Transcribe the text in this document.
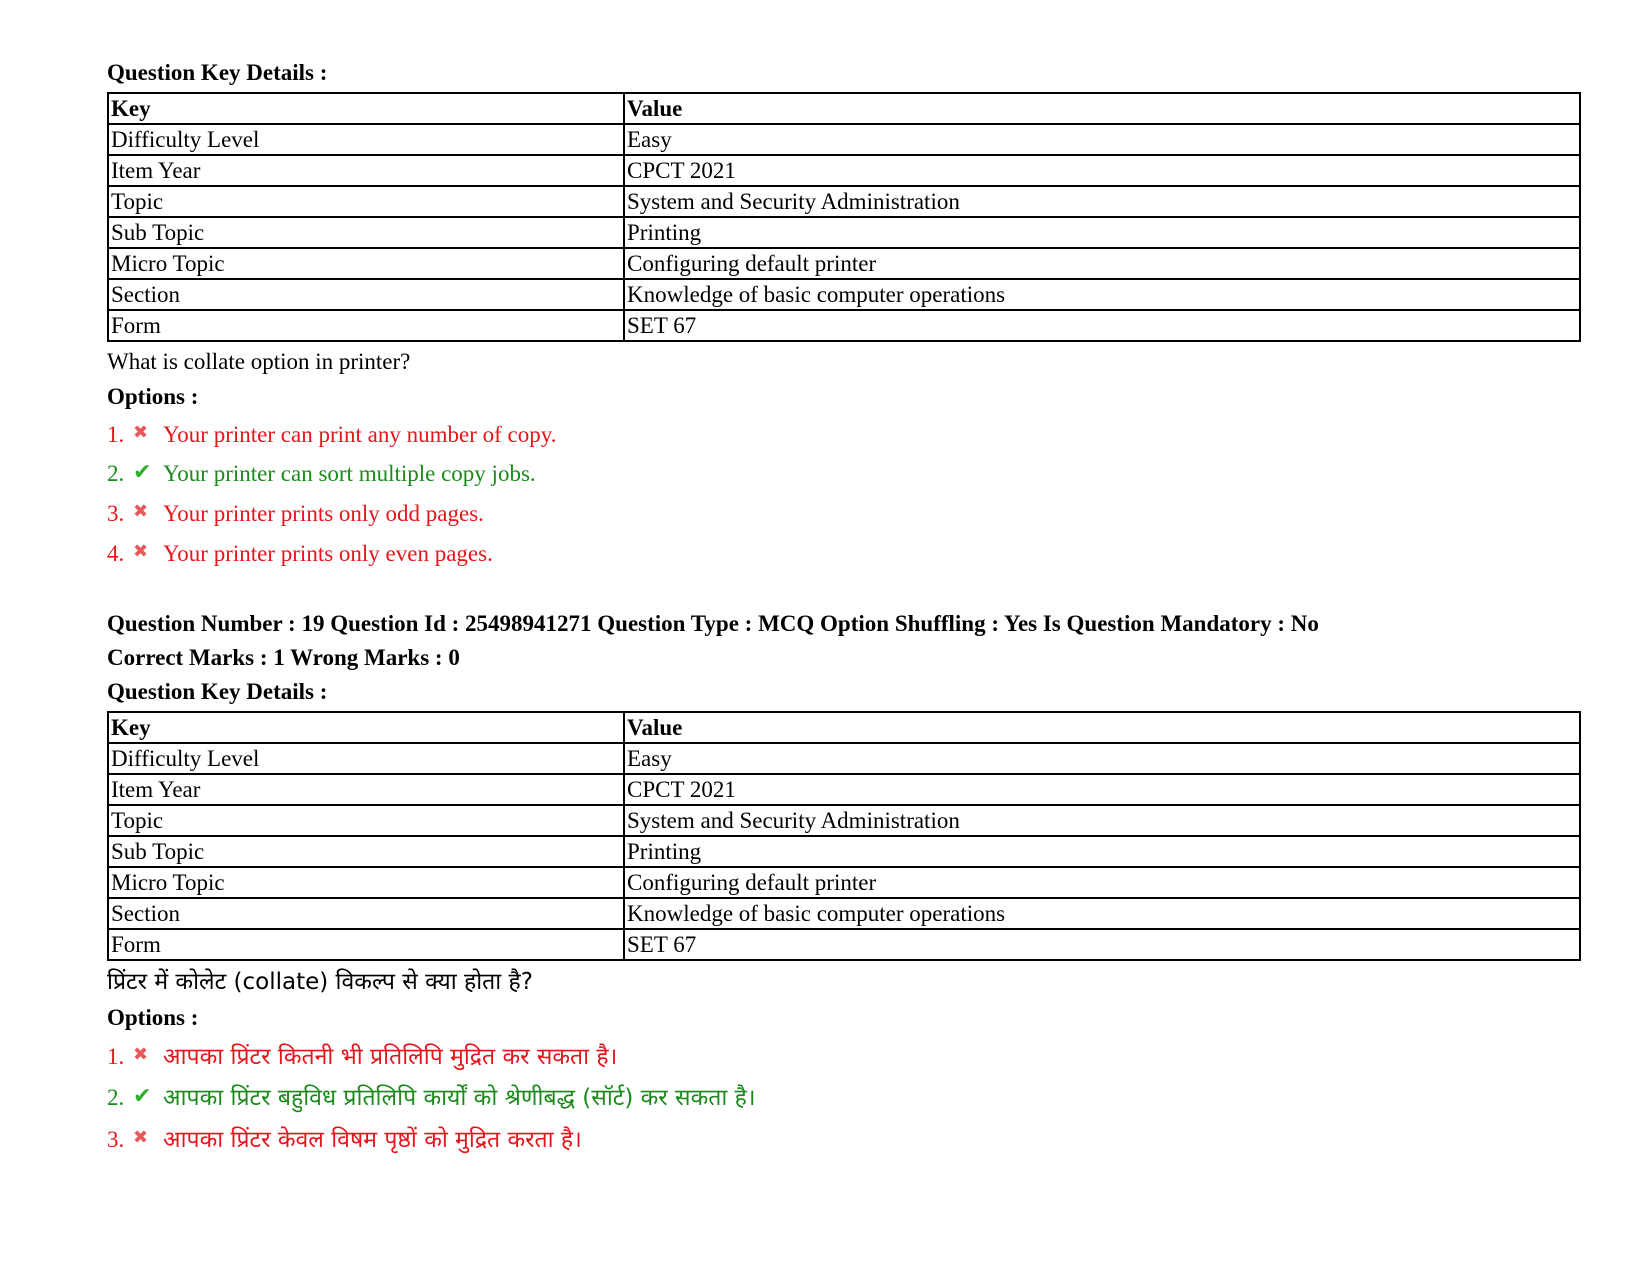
Question Key Details :
Key	Value
Difficulty Level	Easy
Item Year	CPCT 2021
Topic	System and Security Administration
Sub Topic	Printing
Micro Topic	Configuring default printer
Section	Knowledge of basic computer operations
Form	SET 67
What is collate option in printer?
Options :
1. ✖ Your printer can print any number of copy.
2. ✔ Your printer can sort multiple copy jobs.
3. ✖ Your printer prints only odd pages.
4. ✖ Your printer prints only even pages.
Question Number : 19 Question Id : 25498941271 Question Type : MCQ Option Shuffling : Yes Is Question Mandatory : No
Correct Marks : 1 Wrong Marks : 0
Question Key Details :
Key	Value
Difficulty Level	Easy
Item Year	CPCT 2021
Topic	System and Security Administration
Sub Topic	Printing
Micro Topic	Configuring default printer
Section	Knowledge of basic computer operations
Form	SET 67
प्रिंटर में कोलेट (collate) विकल्प से क्या होता है?
Options :
1. ✖ आपका प्रिंटर कितनी भी प्रतिलिपि मुद्रित कर सकता है।
2. ✔ आपका प्रिंटर बहुविध प्रतिलिपि कार्यों को श्रेणीबद्ध (सॉर्ट) कर सकता है।
3. ✖ आपका प्रिंटर केवल विषम पृष्ठों को मुद्रित करता है।
